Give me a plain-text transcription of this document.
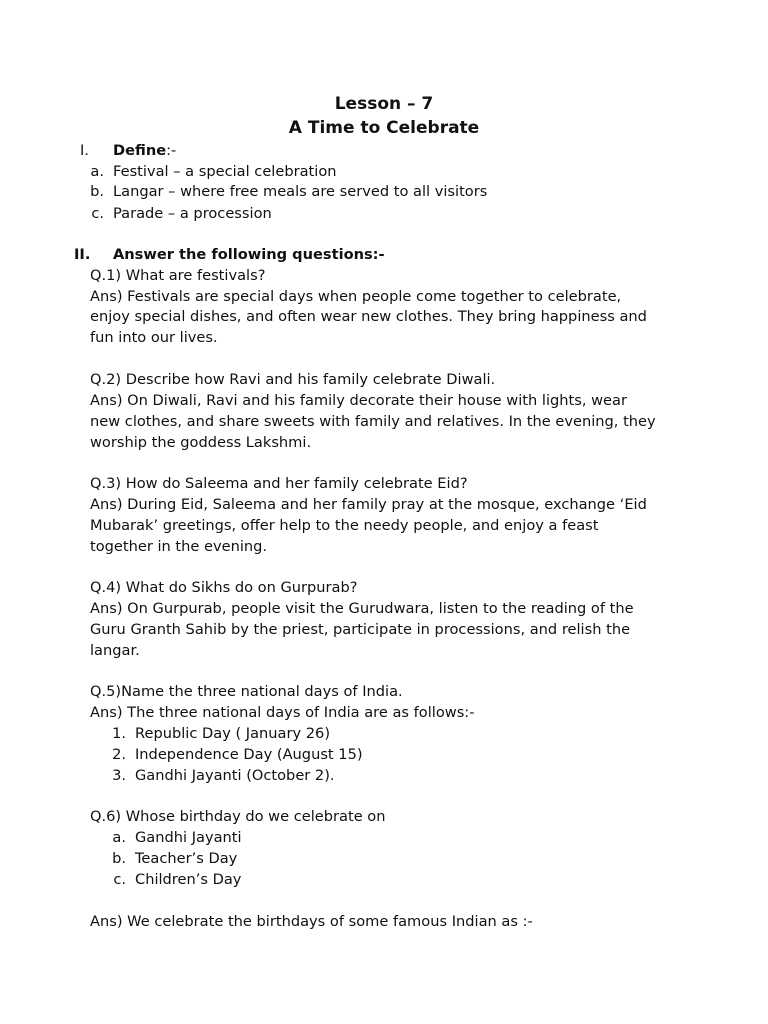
Lesson – 7
A Time to Celebrate
I. Define:-
a. Festival – a special celebration
b. Langar – where free meals are served to all visitors
c. Parade – a procession
II. Answer the following questions:-
Q.1) What are festivals?
Ans) Festivals are special days when people come together to celebrate,
enjoy special dishes, and often wear new clothes. They bring happiness and
fun into our lives.
Q.2) Describe how Ravi and his family celebrate Diwali.
Ans) On Diwali, Ravi and his family decorate their house with lights, wear
new clothes, and share sweets with family and relatives. In the evening, they
worship the goddess Lakshmi.
Q.3) How do Saleema and her family celebrate Eid?
Ans) During Eid, Saleema and her family pray at the mosque, exchange ‘Eid
Mubarak’ greetings, offer help to the needy people, and enjoy a feast
together in the evening.
Q.4) What do Sikhs do on Gurpurab?
Ans) On Gurpurab, people visit the Gurudwara, listen to the reading of the
Guru Granth Sahib by the priest, participate in processions, and relish the
langar.
Q.5)Name the three national days of India.
Ans) The three national days of India are as follows:-
1. Republic Day ( January 26)
2. Independence Day (August 15)
3. Gandhi Jayanti (October 2).
Q.6) Whose birthday do we celebrate on
a. Gandhi Jayanti
b. Teacher’s Day
c. Children’s Day
Ans) We celebrate the birthdays of some famous Indian as :-
